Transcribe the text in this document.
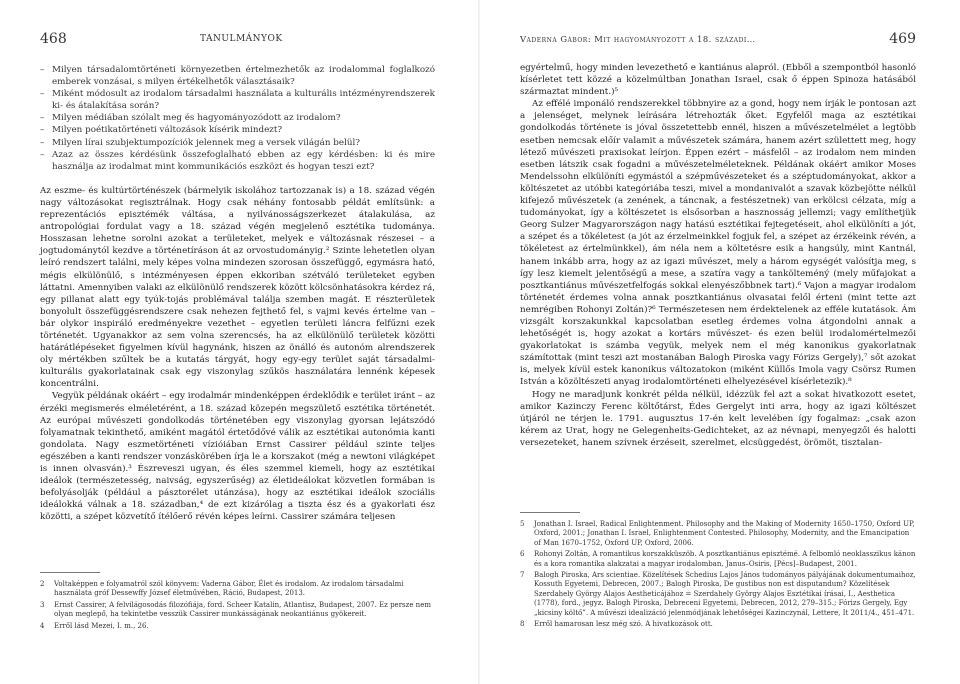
468	TANULMÁNYOK

– Milyen társadalomtörténeti környezetben értelmezhetők az irodalommal foglalkozó emberek vonzásai, s milyen értékelhetők választásaik?

– Miként módosult az irodalom társadalmi használata a kulturális intézményrendszerek ki- és átalakítása során?

– Milyen médiában szólalt meg és hagyományozódott az irodalom?

– Milyen poétikatörténeti változások kísérik mindezt?

– Milyen lírai szubjektumpozíciók jelennek meg a versek világán belül?

– Azaz az összes kérdésünk összefoglalható ebben az egy kérdésben: ki és mire használja az irodalmat mint kommunikációs eszközt és hogyan teszi ezt?

Az eszme- és kultúrtörténészek (bármelyik iskolához tartozzanak is) a 18. század végén nagy változásokat regisztrálnak. Hogy csak néhány fontosabb példát említsünk: a reprezentációs episztémék váltása, a nyilvánosságszerkezet átalakulása, az antropológiai fordulat vagy a 18. század végén megjelenő esztétika tudománya. Hosszasan lehetne sorolni azokat a területeket, melyek e változásnak részesei – a jogtudománytól kezdve a történetíráson át az orvostudományig.² Szinte lehetetlen olyan leíró rendszert találni, mely képes volna mindezen szorosan összefüggő, egymásra ható, mégis elkülönülő, s intézményesen éppen ekkoriban szétváló területeket egyben láttatni. Amennyiben valaki az elkülönülő rendszerek között kölcsönhatásokra kérdez rá, egy pillanat alatt egy tyúk-tojás problémával találja szemben magát. E részterületek bonyolult összefüggésrendszere csak nehezen fejthető fel, s vajmi kevés értelme van – bár olykor inspiráló eredményekre vezethet – egyetlen területi láncra felfűzni ezek történetét. Ugyanakkor az sem volna szerencsés, ha az elkülönülő területek közötti határátlépéseket figyelmen kívül hagynánk, hiszen az önálló és autonóm alrendszerek oly mértékben szűltek be a kutatás tárgyát, hogy egy-egy terület saját társadalmi-kulturális gyakorlatainak csak egy viszonylag szűkös használatára lennénk képesek koncentrálni.

Vegyük példának okáért – egy irodalmár mindenképpen érdeklődik e terület iránt – az érzéki megismerés elméletérént, a 18. század közepén megszülető esztétika történetét. Az európai művészeti gondolkodás történetében egy viszonylag gyorsan lejátszódó folyamatnak tekinthető, amiként magától értetődővé válik az esztétikai autonómia kanti gondolata. Nagy eszmetörténeti vízióiában Ernst Cassirer például szinte teljes egészében a kanti rendszer vonzáskörében írja le a korszakot (még a newtoni világképet is innen olvasván).³ Észreveszi ugyan, és éles szemmel kiemeli, hogy az esztétikai ideálok (természetesség, naivság, egyszerűség) az életideálokat közvetlen formában is befolyásolják (például a pásztorélet utánzása), hogy az esztétikai ideálok szociális ideálokká válnak a 18. században,⁴ de ezt kizárólag a tiszta ész és a gyakorlati ész közötti, a szépet közvetítő ítélőerő révén képes leírni. Cassirer számára teljesen

2 Voltaképpen e folyamatról szól könyvem: Vaderna Gábor, Élet és irodalom. Az irodalom társadalmi használata gróf Dessewffy József életművében, Ráció, Budapest, 2013.

3 Ernst Cassirer, A felvilágosodás filozófiája, ford. Scheer Katalin, Atlantisz, Budapest, 2007. Ez persze nem olyan meglepő, ha tekintetbe vesszük Cassirer munkásságának neokantiánus gyökereit.

4 Erről lásd Mezei, I. m., 26.

Vaderna Gábor: Mit hagyományozott a 18. századi…	469

egyértelmű, hogy minden levezethető e kantiánus alapról. (Ebből a szempontból hasonló kísérletet tett közzé a közelmúltban Jonathan Israel, csak ő éppen Spinoza hatásából származtat mindent.)⁵

Az effélé imponáló rendszerekkel többnyire az a gond, hogy nem írják le pontosan azt a jelenséget, melynek leírására létrehozták őket. Egyfelől maga az esztétikai gondolkodás története is jóval összetettebb ennél, hiszen a művészetelmélet a legtöbb esetben nemcsak előír valamit a művészetek számára, hanem azért születtett meg, hogy létező művészeti praxisokat leírjon. Éppen ezért – másfelől – az irodalom nem minden esetben látszik csak fogadni a művészetelméleteknek. Példának okáért amikor Moses Mendelssohn elkülöníti egymástól a szépművészeteket és a széptudományokat, akkor a költészetet az utóbbi kategóriába teszi, mivel a mondanivalót a szavak közbejötte nélkül kifejező művészetek (a zenének, a táncnak, a festészetnek) van erkölcsi célzata, míg a tudományokat, így a költészetet is elsősorban a hasznosság jellemzi; vagy említhetjük Georg Sulzer Magyarországon nagy hatású esztétikai fejtegetéseit, ahol elkülöníti a jót, a szépet és a tökéletest (a jót az érzelmeinkkel fogjuk fel, a szépet az érzékeink révén, a tökéletest az értelmünkkel), ám néla nem a költetésre esik a hangsúly, mint Kantnál, hanem inkább arra, hogy az az igazi művészet, mely a három egységét valósítja meg, s így lesz kiemelt jelentőségű a mese, a szatíra vagy a tankölteméný (mely műfajokat a posztkantiánus művészetfelfogás sokkal elenyészőbbnek tart).⁶ Vajon a magyar irodalom történetét érdemes volna annak posztkantiánus olvasatai felől érteni (mint tette azt nemrégiben Rohonyi Zoltán)?⁶ Természetesen nem érdektelenek az efféle kutatások. Ám vizsgált korszakunkkal kapcsolatban esetleg érdemes volna átgondolni annak a lehetőségét is, hogy azokat a kortárs művészet- és ezen belül irodalomértelmezői gyakorlatokat is számba vegyük, melyek nem el még kanonikus gyakorlatnak számítottak (mint teszi azt mostanában Balogh Piroska vagy Fórizs Gergely),⁷ sőt azokat is, melyek kívül estek kanonikus változatokon (miként Küllős Imola vagy Csörsz Rumen István a közöltészeti anyag irodalomtörténeti elhelyezésével kísérletezik).⁸

Hogy ne maradjunk konkrét példa nélkül, idézzük fel azt a sokat hivatkozott esetet, amikor Kazinczy Ferenc költőtárst, Édes Gergelyt inti arra, hogy az igazi költészet útjáról ne térjen le. 1791. augusztus 17-én kelt levelében így fogalmaz: „csak azon kérem az Urat, hogy ne Gelegenheits-Gedichteket, az az névnapi, menyegzői és halotti versezeteket, hanem szívnek érzéseit, szerelmet, elcsüggedést, örömöt, tisztalan-

5 Jonathan I. Israel, Radical Enlightenment. Philosophy and the Making of Modernity 1650–1750, Oxford UP, Oxford, 2001.; Jonathan I. Israel, Enlightenment Contested. Philosophy, Modernity, and the Emancipation of Man 1670–1752, Oxford UP, Oxford, 2006.

6 Rohonyi Zoltán, A romantikus korszakküszöb. A posztkantiánus episztémé. A felbomló neoklasszikus kánon és a kora romantika alakzatai a magyar irodalomban, Janus–Osiris, [Pécs]–Budapest, 2001.

7 Balogh Piroska, Ars scientiae. Közelítések Schedius Lajos János tudományos pályájának dokumentumaihoz, Kossuth Egyetemi, Debrecen, 2007.; Balogh Piroska, De gustibus non est disputandum? Közelítések Szerdahely György Alajos Aestheticájához = Szerdahely György Alajos Esztétikai írásai, I., Aesthetica (1778), ford., jegyz. Balogh Piroska, Debreceni Egyetemi, Debrecen, 2012, 279–315.; Fórizs Gergely, Egy „kicsiny költő”. A művészi idealizáció jelenmódjának lehetőségei Kazinczynál, Lettere, It 2011/4., 451–471.

8 Erről hamarosan lesz még szó. A hivatkozások ott.
